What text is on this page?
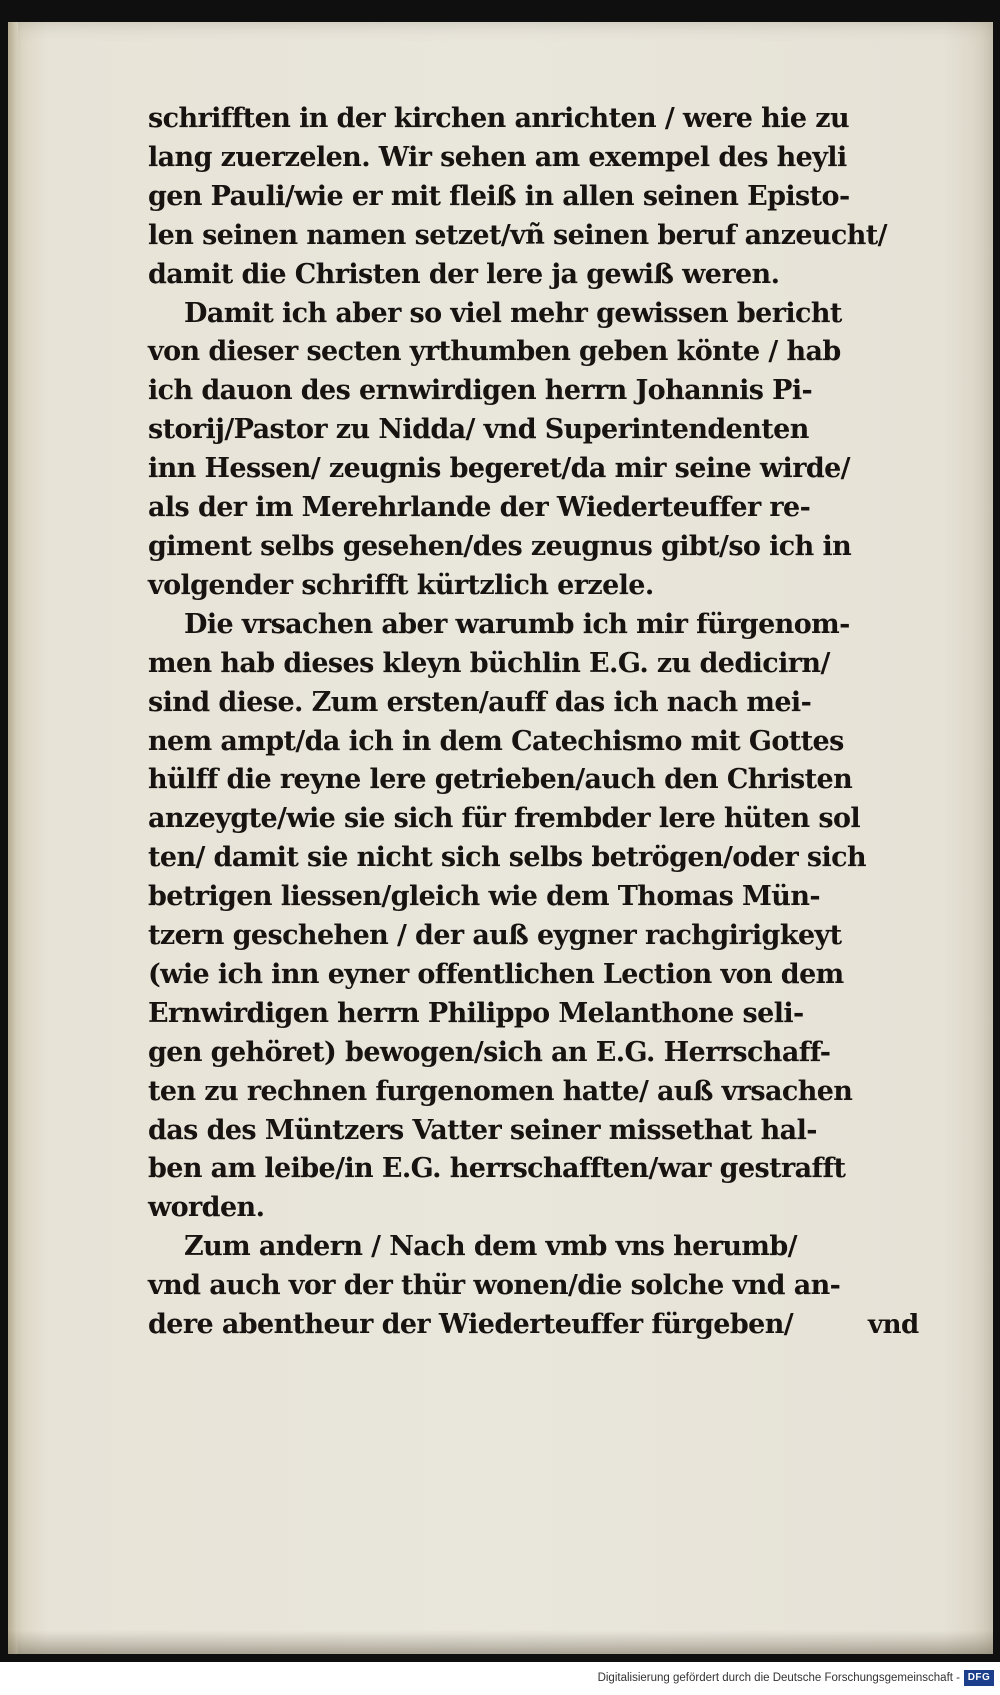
schrifften in der kirchen anrichten / were hie zu
lang zuerzelen. Wir sehen am exempel des heyli
gen Pauli/wie er mit fleiß in allen seinen Episto-
len seinen namen setzet/vñ seinen beruf anzeucht/
damit die Christen der lere ja gewiß weren.
Damit ich aber so viel mehr gewissen bericht
von dieser secten yrthumben geben könte / hab
ich dauon des ernwirdigen herrn Johannis Pi-
storij/Pastor zu Nidda/ vnd Superintendenten
inn Hessen/ zeugnis begeret/da mir seine wirde/
als der im Merehrlande der Wiederteuffer re-
giment selbs gesehen/des zeugnus gibt/so ich in
volgender schrifft kürtzlich erzele.
Die vrsachen aber warumb ich mir fürgenom-
men hab dieses kleyn büchlin E.G. zu dedicirn/
sind diese. Zum ersten/auff das ich nach mei-
nem ampt/da ich in dem Catechismo mit Gottes
hülff die reyne lere getrieben/auch den Christen
anzeygte/wie sie sich für frembder lere hüten sol
ten/ damit sie nicht sich selbs betrögen/oder sich
betrigen liessen/gleich wie dem Thomas Mün-
tzern geschehen / der auß eygner rachgirigkeyt
(wie ich inn eyner offentlichen Lection von dem
Ernwirdigen herrn Philippo Melanthone seli-
gen gehöret) bewogen/sich an E.G. Herrschaff-
ten zu rechnen furgenomen hatte/ auß vrsachen
das des Müntzers Vatter seiner missethat hal-
ben am leibe/in E.G. herrschafften/war gestrafft
worden.
Zum andern / Nach dem vmb vns herumb/
vnd auch vor der thür wonen/die solche vnd an-
dere abentheur der Wiederteuffer fürgeben/	vnd
Digitalisierung gefördert durch die Deutsche Forschungsgemeinschaft - DFG
